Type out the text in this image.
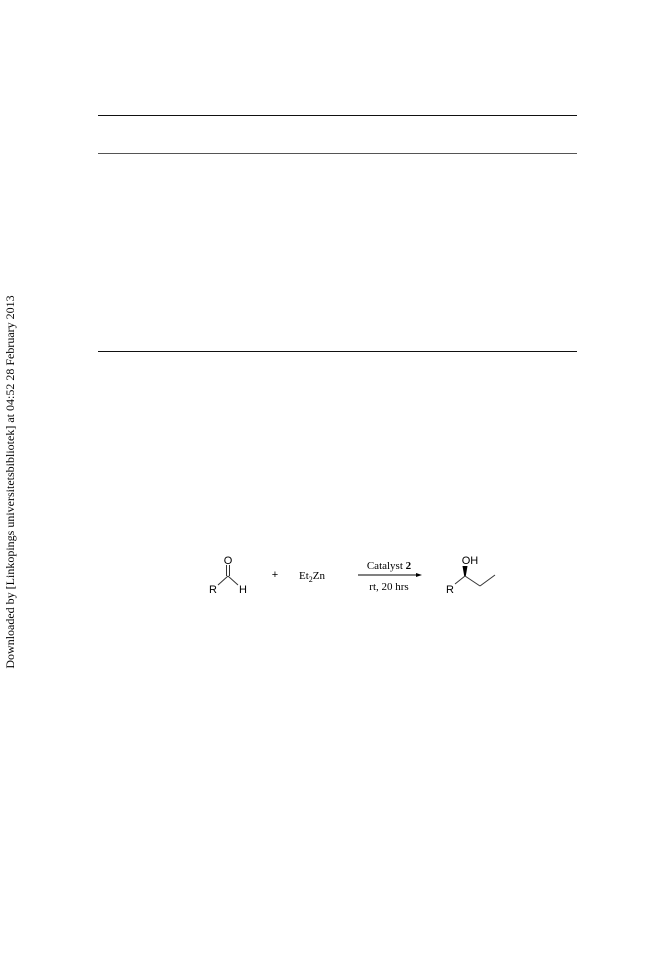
Downloaded by [Linkopings universitetsbibliotek] at 04:52 28 February 2013	O
R H
+ $Et_2Zn$
Catalyst 2
rt, 20 hrs
OH
R
